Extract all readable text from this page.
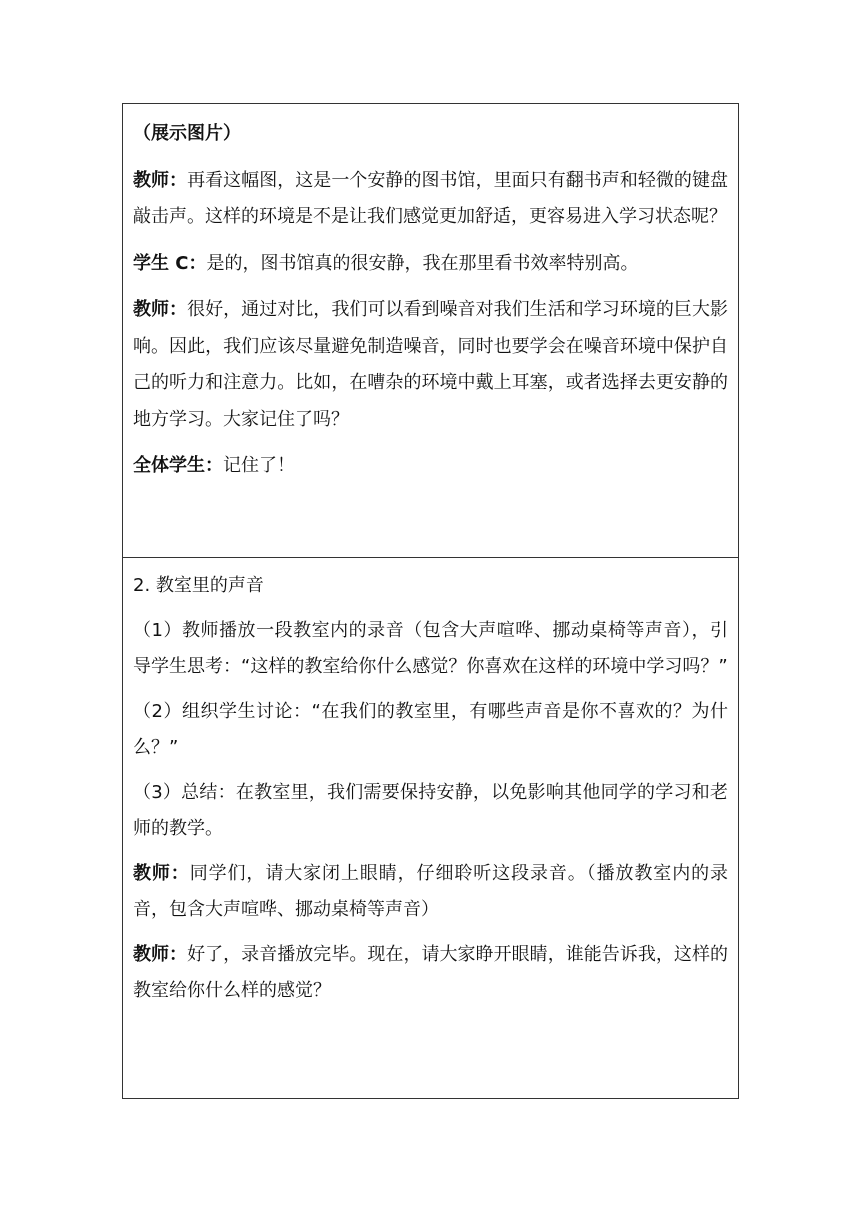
（展示图片）

教师：再看这幅图，这是一个安静的图书馆，里面只有翻书声和轻微的键盘敲击声。这样的环境是不是让我们感觉更加舒适，更容易进入学习状态呢？

学生 C：是的，图书馆真的很安静，我在那里看书效率特别高。

教师：很好，通过对比，我们可以看到噪音对我们生活和学习环境的巨大影响。因此，我们应该尽量避免制造噪音，同时也要学会在噪音环境中保护自己的听力和注意力。比如，在嘈杂的环境中戴上耳塞，或者选择去更安静的地方学习。大家记住了吗？

全体学生：记住了！

2. 教室里的声音

（1）教师播放一段教室内的录音（包含大声喧哗、挪动桌椅等声音），引导学生思考：“这样的教室给你什么感觉？你喜欢在这样的环境中学习吗？”

（2）组织学生讨论：“在我们的教室里，有哪些声音是你不喜欢的？为什么？”

（3）总结：在教室里，我们需要保持安静，以免影响其他同学的学习和老师的教学。

教师：同学们，请大家闭上眼睛，仔细聆听这段录音。（播放教室内的录音，包含大声喧哗、挪动桌椅等声音）

教师：好了，录音播放完毕。现在，请大家睁开眼睛，谁能告诉我，这样的教室给你什么样的感觉？
